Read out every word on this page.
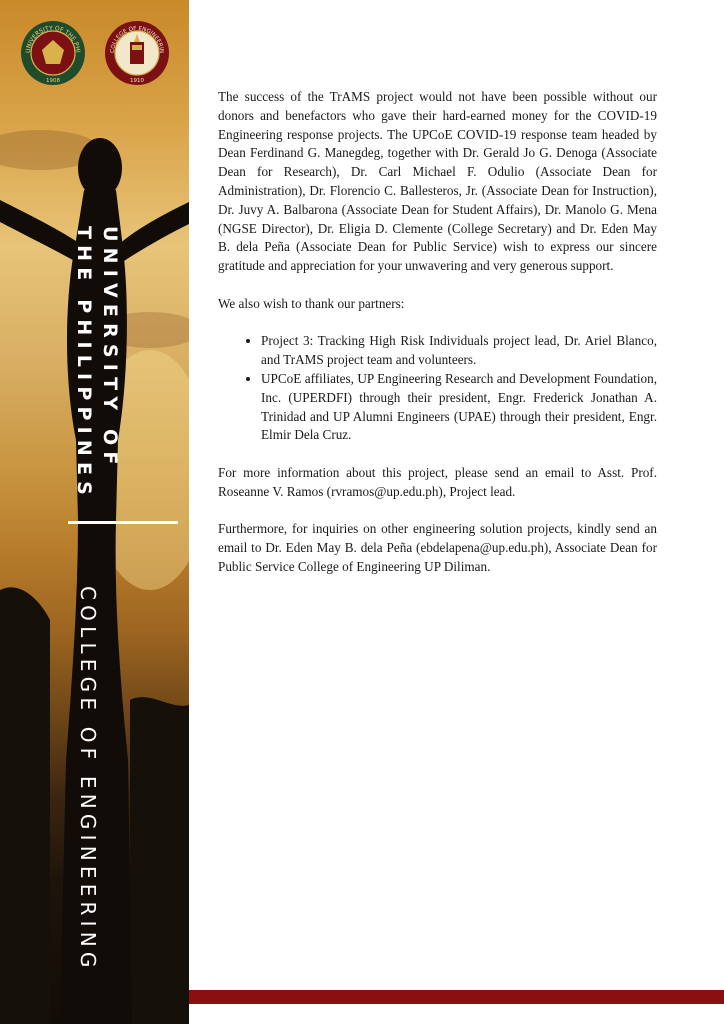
UNIVERSITY OF THE PHI
1908
COLLEGE OF ENGINEERIN
1910
UNIVERSITY OF
THE PHILIPPINES
COLLEGE OF ENGINEERING

The success of the TrAMS project would not have been possible without our donors and benefactors who gave their hard-earned money for the COVID-19 Engineering response projects. The UPCoE COVID-19 response team headed by Dean Ferdinand G. Manegdeg, together with Dr. Gerald Jo G. Denoga (Associate Dean for Research), Dr. Carl Michael F. Odulio (Associate Dean for Administration), Dr. Florencio C. Ballesteros, Jr. (Associate Dean for Instruction), Dr. Juvy A. Balbarona (Associate Dean for Student Affairs), Dr. Manolo G. Mena (NGSE Director), Dr. Eligia D. Clemente (College Secretary) and Dr. Eden May B. dela Peña (Associate Dean for Public Service) wish to express our sincere gratitude and appreciation for your unwavering and very generous support.

We also wish to thank our partners:

• Project 3: Tracking High Risk Individuals project lead, Dr. Ariel Blanco, and TrAMS project team and volunteers.
• UPCoE affiliates, UP Engineering Research and Development Foundation, Inc. (UPERDFI) through their president, Engr. Frederick Jonathan A. Trinidad and UP Alumni Engineers (UPAE) through their president, Engr. Elmir Dela Cruz.

For more information about this project, please send an email to Asst. Prof. Roseanne V. Ramos (rvramos@up.edu.ph), Project lead.

Furthermore, for inquiries on other engineering solution projects, kindly send an email to Dr. Eden May B. dela Peña (ebdelapena@up.edu.ph), Associate Dean for Public Service College of Engineering UP Diliman.
